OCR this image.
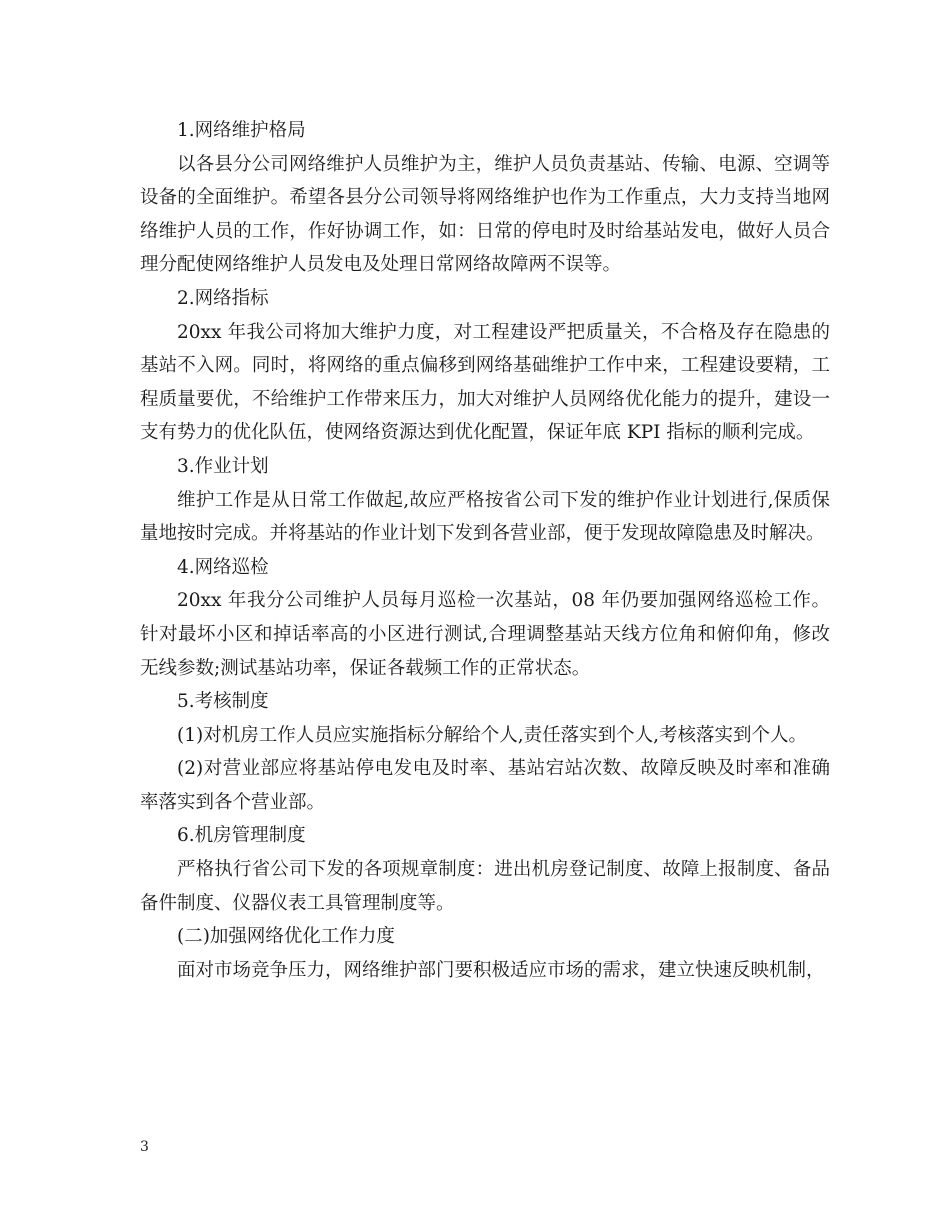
1.网络维护格局

以各县分公司网络维护人员维护为主，维护人员负责基站、传输、电源、空调等设备的全面维护。希望各县分公司领导将网络维护也作为工作重点，大力支持当地网络维护人员的工作，作好协调工作，如：日常的停电时及时给基站发电，做好人员合理分配使网络维护人员发电及处理日常网络故障两不误等。

2.网络指标

20xx 年我公司将加大维护力度，对工程建设严把质量关，不合格及存在隐患的基站不入网。同时，将网络的重点偏移到网络基础维护工作中来，工程建设要精，工程质量要优，不给维护工作带来压力，加大对维护人员网络优化能力的提升，建设一支有势力的优化队伍，使网络资源达到优化配置，保证年底 KPI 指标的顺利完成。

3.作业计划

维护工作是从日常工作做起,故应严格按省公司下发的维护作业计划进行,保质保量地按时完成。并将基站的作业计划下发到各营业部，便于发现故障隐患及时解决。

4.网络巡检

20xx 年我分公司维护人员每月巡检一次基站，08 年仍要加强网络巡检工作。针对最坏小区和掉话率高的小区进行测试,合理调整基站天线方位角和俯仰角，修改无线参数;测试基站功率，保证各载频工作的正常状态。

5.考核制度

(1)对机房工作人员应实施指标分解给个人,责任落实到个人,考核落实到个人。

(2)对营业部应将基站停电发电及时率、基站宕站次数、故障反映及时率和准确率落实到各个营业部。

6.机房管理制度

严格执行省公司下发的各项规章制度：进出机房登记制度、故障上报制度、备品备件制度、仪器仪表工具管理制度等。

(二)加强网络优化工作力度

面对市场竞争压力，网络维护部门要积极适应市场的需求，建立快速反映机制，

3
